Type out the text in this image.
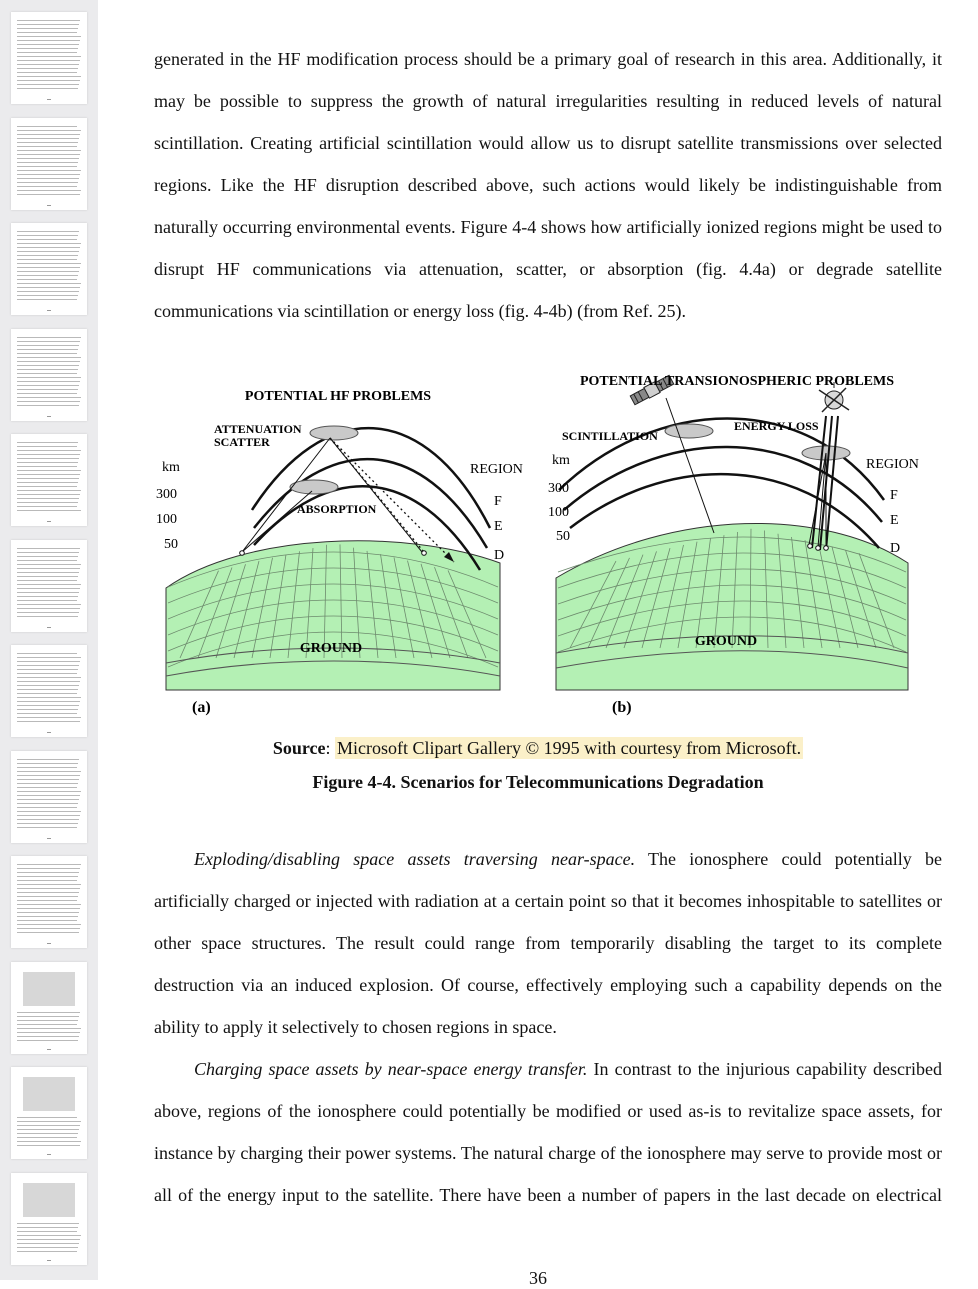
generated in the HF modification process should be a primary goal of research in this area. Additionally, it
may be possible to suppress the growth of natural irregularities resulting in reduced levels of natural
scintillation. Creating artificial scintillation would allow us to disrupt satellite transmissions over selected
regions. Like the HF disruption described above, such actions would likely be indistinguishable from
naturally occurring environmental events. Figure 4-4 shows how artificially ionized regions might be used to
disrupt HF communications via attenuation, scatter, or absorption (fig. 4.4a) or degrade satellite
communications via scintillation or energy loss (fig. 4-4b) (from Ref. 25).
POTENTIAL HF PROBLEMS
ATTENUATION
SCATTER
ABSORPTION
km
300
100
50
REGION
F
E
D
GROUND
(a)
POTENTIAL TRANSIONOSPHERIC PROBLEMS
SCINTILLATION
ENERGY LOSS
km
300
100
50
REGION
F
E
D
GROUND
(b)
Source: Microsoft Clipart Gallery © 1995 with courtesy from Microsoft.
Figure 4-4. Scenarios for Telecommunications Degradation
Exploding/disabling space assets traversing near-space. The ionosphere could potentially be
artificially charged or injected with radiation at a certain point so that it becomes inhospitable to satellites or
other space structures. The result could range from temporarily disabling the target to its complete
destruction via an induced explosion. Of course, effectively employing such a capability depends on the
ability to apply it selectively to chosen regions in space.
Charging space assets by near-space energy transfer. In contrast to the injurious capability described
above, regions of the ionosphere could potentially be modified or used as-is to revitalize space assets, for
instance by charging their power systems. The natural charge of the ionosphere may serve to provide most or
all of the energy input to the satellite. There have been a number of papers in the last decade on electrical
36
